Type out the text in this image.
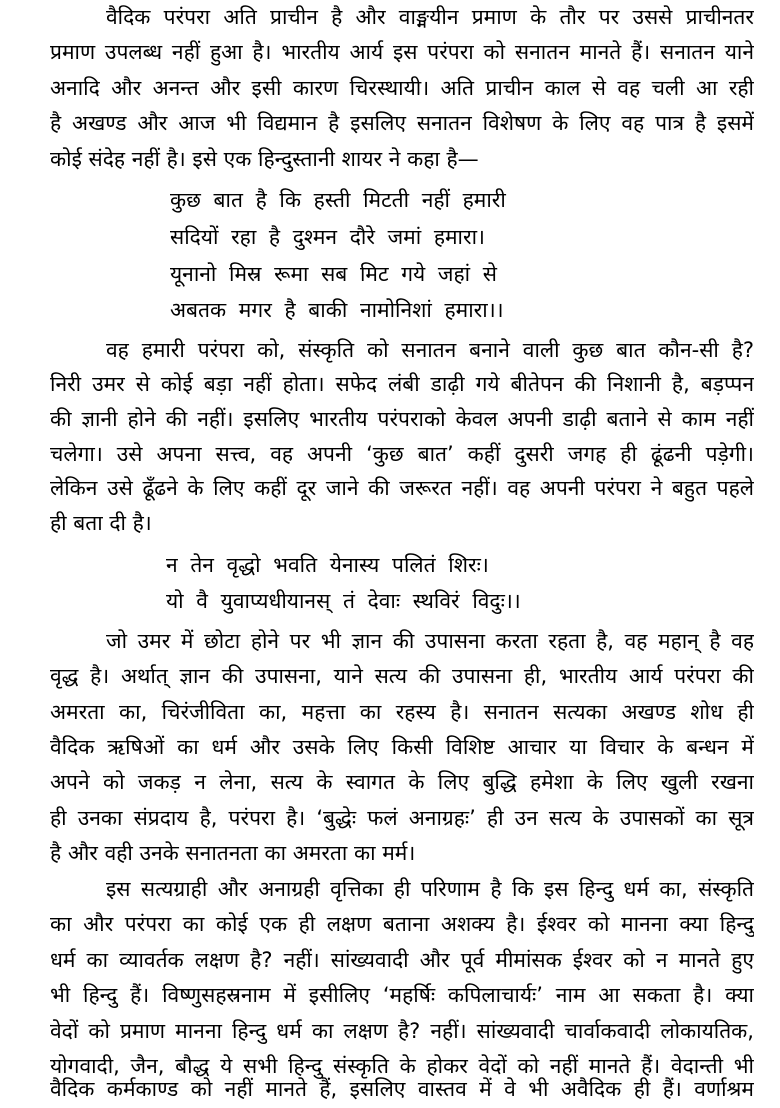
वैदिक परंपरा अति प्राचीन है और वाङ्मयीन प्रमाण के तौर पर उससे प्राचीनतर
प्रमाण उपलब्ध नहीं हुआ है। भारतीय आर्य इस परंपरा को सनातन मानते हैं। सनातन याने
अनादि और अनन्त और इसी कारण चिरस्थायी। अति प्राचीन काल से वह चली आ रही
है अखण्ड और आज भी विद्यमान है इसलिए सनातन विशेषण के लिए वह पात्र है इसमें
कोई संदेह नहीं है। इसे एक हिन्दुस्तानी शायर ने कहा है—
कुछ बात है कि हस्ती मिटती नहीं हमारी
सदियों रहा है दुश्मन दौरे जमां हमारा।
यूनानो मिस्र रूमा सब मिट गये जहां से
अबतक मगर है बाकी नामोनिशां हमारा।।
वह हमारी परंपरा को, संस्कृति को सनातन बनाने वाली कुछ बात कौन-सी है?
निरी उमर से कोई बड़ा नहीं होता। सफेद लंबी डाढ़ी गये बीतेपन की निशानी है, बड़प्पन
की ज्ञानी होने की नहीं। इसलिए भारतीय परंपराको केवल अपनी डाढ़ी बताने से काम नहीं
चलेगा। उसे अपना सत्त्व, वह अपनी ‘कुछ बात’ कहीं दुसरी जगह ही ढूंढनी पड़ेगी।
लेकिन उसे ढूँढने के लिए कहीं दूर जाने की जरूरत नहीं। वह अपनी परंपरा ने बहुत पहले
ही बता दी है।
न तेन वृद्धो भवति येनास्य पलितं शिरः।
यो वै युवाप्यधीयानस् तं देवाः स्थविरं विदुः।।
जो उमर में छोटा होने पर भी ज्ञान की उपासना करता रहता है, वह महान् है वह
वृद्ध है। अर्थात् ज्ञान की उपासना, याने सत्य की उपासना ही, भारतीय आर्य परंपरा की
अमरता का, चिरंजीविता का, महत्ता का रहस्य है। सनातन सत्यका अखण्ड शोध ही
वैदिक ऋषिओं का धर्म और उसके लिए किसी विशिष्ट आचार या विचार के बन्धन में
अपने को जकड़ न लेना, सत्य के स्वागत के लिए बुद्धि हमेशा के लिए खुली रखना
ही उनका संप्रदाय है, परंपरा है। ‘बुद्धेः फलं अनाग्रहः’ ही उन सत्य के उपासकों का सूत्र
है और वही उनके सनातनता का अमरता का मर्म।
इस सत्यग्राही और अनाग्रही वृत्तिका ही परिणाम है कि इस हिन्दु धर्म का, संस्कृति
का और परंपरा का कोई एक ही लक्षण बताना अशक्य है। ईश्वर को मानना क्या हिन्दु
धर्म का व्यावर्तक लक्षण है? नहीं। सांख्यवादी और पूर्व मीमांसक ईश्वर को न मानते हुए
भी हिन्दु हैं। विष्णुसहस्रनाम में इसीलिए ‘महर्षिः कपिलाचार्यः’ नाम आ सकता है। क्या
वेदों को प्रमाण मानना हिन्दु धर्म का लक्षण है? नहीं। सांख्यवादी चार्वाकवादी लोकायतिक,
योगवादी, जैन, बौद्ध ये सभी हिन्दु संस्कृति के होकर वेदों को नहीं मानते हैं। वेदान्ती भी
वैदिक कर्मकाण्ड को नहीं मानते हैं, इसलिए वास्तव में वे भी अवैदिक ही हैं। वर्णाश्रम
